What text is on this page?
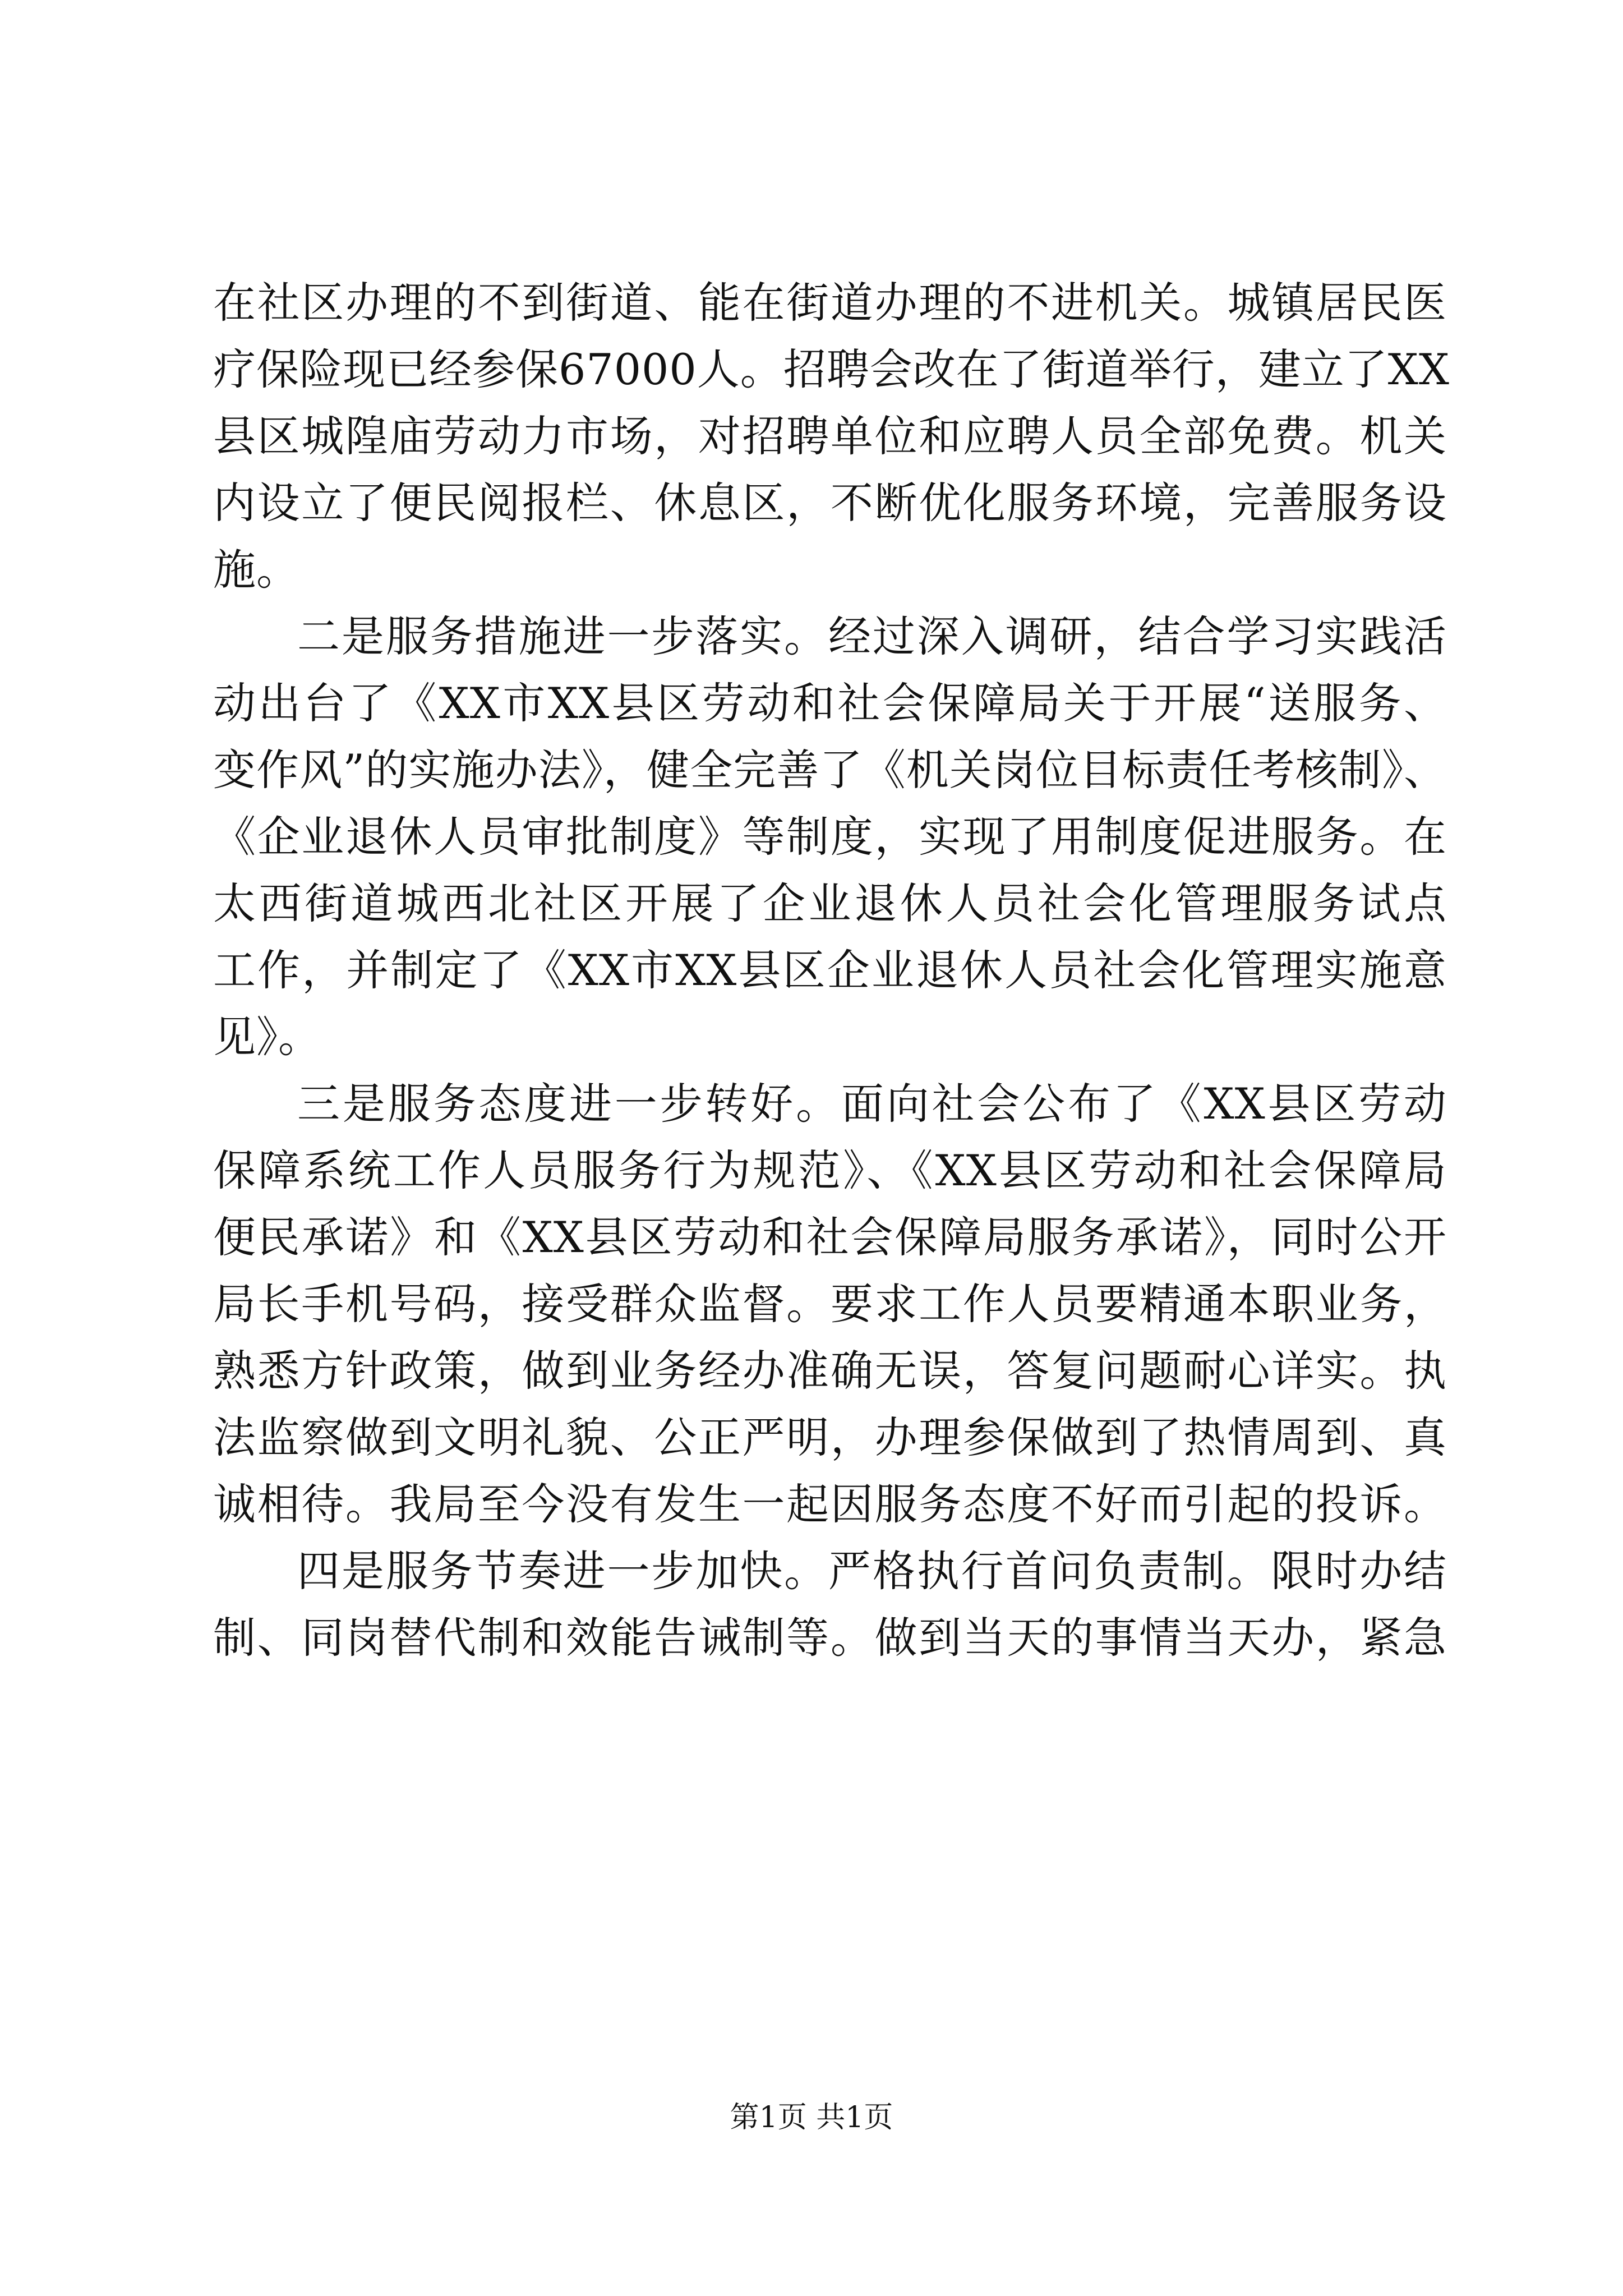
在社区办理的不到街道、能在街道办理的不进机关。城镇居民医
疗保险现已经参保67000人。招聘会改在了街道举行，建立了XX
县区城隍庙劳动力市场，对招聘单位和应聘人员全部免费。机关
内设立了便民阅报栏、休息区，不断优化服务环境，完善服务设
施。
二是服务措施进一步落实。经过深入调研，结合学习实践活
动出台了《XX市XX县区劳动和社会保障局关于开展“送服务、
变作风”的实施办法》，健全完善了《机关岗位目标责任考核制》、
《企业退休人员审批制度》等制度，实现了用制度促进服务。在
太西街道城西北社区开展了企业退休人员社会化管理服务试点
工作，并制定了《XX市XX县区企业退休人员社会化管理实施意
见》。
三是服务态度进一步转好。面向社会公布了《XX县区劳动
保障系统工作人员服务行为规范》、《XX县区劳动和社会保障局
便民承诺》和《XX县区劳动和社会保障局服务承诺》，同时公开
局长手机号码，接受群众监督。要求工作人员要精通本职业务，
熟悉方针政策，做到业务经办准确无误，答复问题耐心详实。执
法监察做到文明礼貌、公正严明，办理参保做到了热情周到、真
诚相待。我局至今没有发生一起因服务态度不好而引起的投诉。
四是服务节奏进一步加快。严格执行首问负责制。限时办结
制、同岗替代制和效能告诫制等。做到当天的事情当天办，紧急
第1页 共1页
